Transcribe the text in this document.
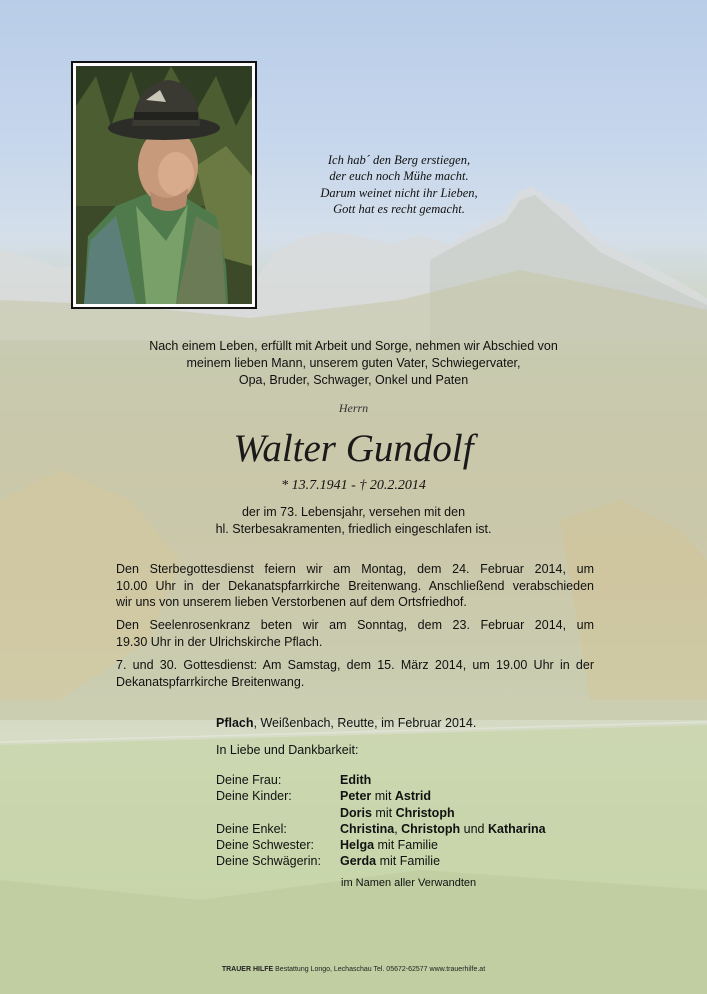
Ich hab´ den Berg erstiegen,
der euch noch Mühe macht.
Darum weinet nicht ihr Lieben,
Gott hat es recht gemacht.
Nach einem Leben, erfüllt mit Arbeit und Sorge, nehmen wir Abschied von
meinem lieben Mann, unserem guten Vater, Schwiegervater,
Opa, Bruder, Schwager, Onkel und Paten
Herrn
Walter Gundolf
* 13.7.1941 - † 20.2.2014
der im 73. Lebensjahr, versehen mit den
hl. Sterbesakramenten, friedlich eingeschlafen ist.
Den Sterbegottesdienst feiern wir am Montag, dem 24. Februar 2014, um
10.00 Uhr in der Dekanatspfarrkirche Breitenwang. Anschließend verabschieden
wir uns von unserem lieben Verstorbenen auf dem Ortsfriedhof.
Den Seelenrosenkranz beten wir am Sonntag, dem 23. Februar 2014, um
19.30 Uhr in der Ulrichskirche Pflach.
7. und 30. Gottesdienst: Am Samstag, dem 15. März 2014, um 19.00 Uhr in der
Dekanatspfarrkirche Breitenwang.
Pflach, Weißenbach, Reutte, im Februar 2014.
In Liebe und Dankbarkeit:
Deine Frau:	Edith
Deine Kinder:	Peter mit Astrid
Doris mit Christoph
Deine Enkel:	Christina, Christoph und Katharina
Deine Schwester:	Helga mit Familie
Deine Schwägerin:	Gerda mit Familie
im Namen aller Verwandten
TRAUER HILFE Bestattung Longo, Lechaschau Tel. 05672-62577 www.trauerhilfe.at
